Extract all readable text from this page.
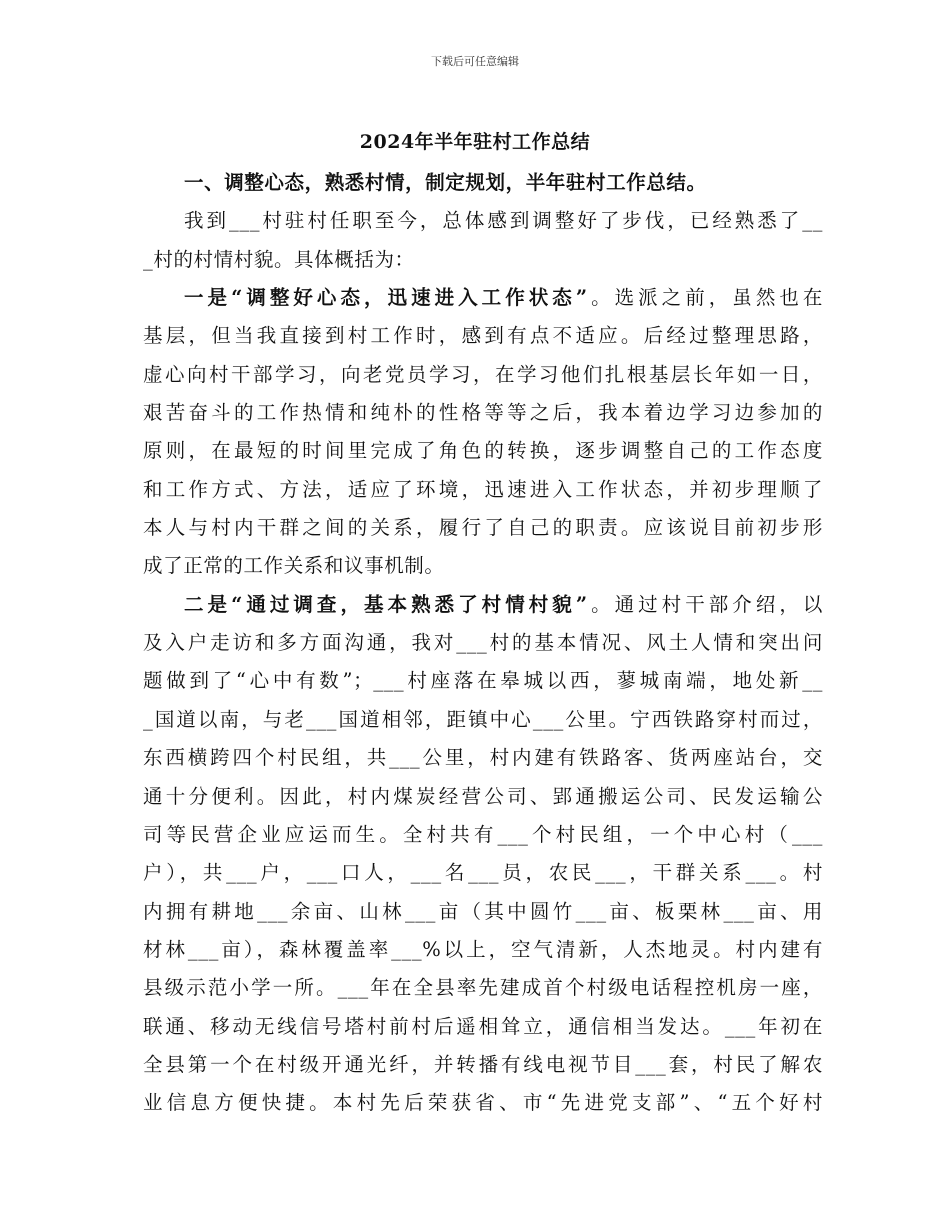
下载后可任意编辑
2024年半年驻村工作总结
一、调整心态，熟悉村情，制定规划，半年驻村工作总结。
我到___村驻村任职至今，总体感到调整好了步伐，已经熟悉了__
_村的村情村貌。具体概括为：
一是“调整好心态，迅速进入工作状态”。选派之前，虽然也在
基层，但当我直接到村工作时，感到有点不适应。后经过整理思路，
虚心向村干部学习，向老党员学习，在学习他们扎根基层长年如一日，
艰苦奋斗的工作热情和纯朴的性格等等之后，我本着边学习边参加的
原则，在最短的时间里完成了角色的转换，逐步调整自己的工作态度
和工作方式、方法，适应了环境，迅速进入工作状态，并初步理顺了
本人与村内干群之间的关系，履行了自己的职责。应该说目前初步形
成了正常的工作关系和议事机制。
二是“通过调查，基本熟悉了村情村貌”。通过村干部介绍，以
及入户走访和多方面沟通，我对___村的基本情况、风土人情和突出问
题做到了“心中有数”；___村座落在皋城以西，蓼城南端，地处新__
_国道以南，与老___国道相邻，距镇中心___公里。宁西铁路穿村而过，
东西横跨四个村民组，共___公里，村内建有铁路客、货两座站台，交
通十分便利。因此，村内煤炭经营公司、郢通搬运公司、民发运输公
司等民营企业应运而生。全村共有___个村民组，一个中心村（___
户），共___户，___口人，___名___员，农民___，干群关系___。村
内拥有耕地___余亩、山林___亩（其中圆竹___亩、板栗林___亩、用
材林___亩），森林覆盖率___%以上，空气清新，人杰地灵。村内建有
县级示范小学一所。___年在全县率先建成首个村级电话程控机房一座，
联通、移动无线信号塔村前村后遥相耸立，通信相当发达。___年初在
全县第一个在村级开通光纤，并转播有线电视节目___套，村民了解农
业信息方便快捷。本村先后荣获省、市“先进党支部”、“五个好村
